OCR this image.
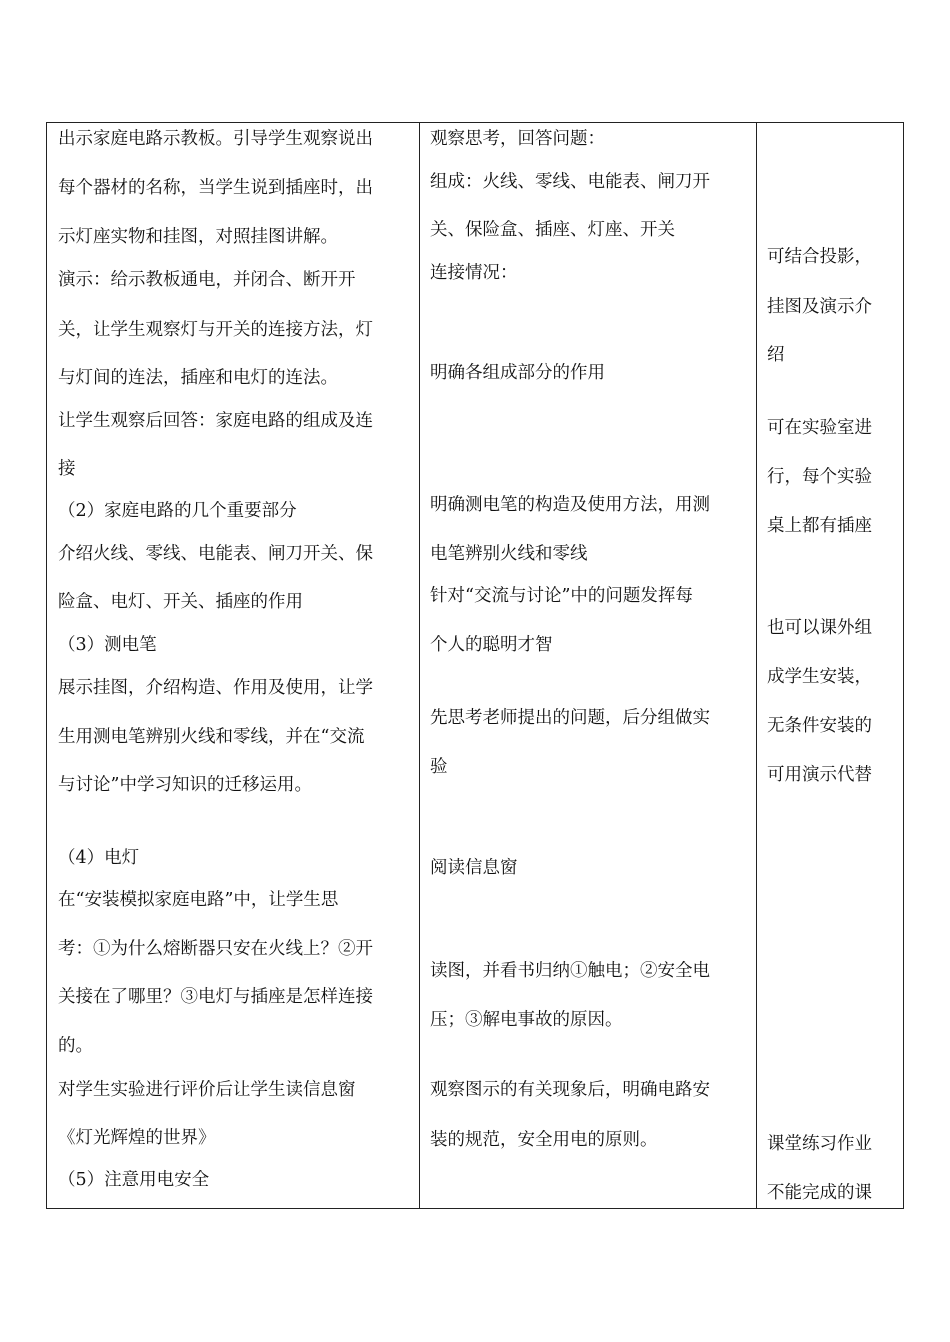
出示家庭电路示教板。引导学生观察说出
每个器材的名称，当学生说到插座时，出
示灯座实物和挂图，对照挂图讲解。
演示：给示教板通电，并闭合、断开开
关，让学生观察灯与开关的连接方法，灯
与灯间的连法，插座和电灯的连法。
让学生观察后回答：家庭电路的组成及连
接
（2）家庭电路的几个重要部分
介绍火线、零线、电能表、闸刀开关、保
险盒、电灯、开关、插座的作用
（3）测电笔
展示挂图，介绍构造、作用及使用，让学
生用测电笔辨别火线和零线，并在“交流
与讨论”中学习知识的迁移运用。
（4）电灯
在“安装模拟家庭电路”中，让学生思
考：①为什么熔断器只安在火线上？②开
关接在了哪里？③电灯与插座是怎样连接
的。
对学生实验进行评价后让学生读信息窗
《灯光辉煌的世界》
（5）注意用电安全
观察思考，回答问题：
组成：火线、零线、电能表、闸刀开
关、保险盒、插座、灯座、开关
连接情况：
明确各组成部分的作用
明确测电笔的构造及使用方法，用测
电笔辨别火线和零线
针对“交流与讨论”中的问题发挥每
个人的聪明才智
先思考老师提出的问题，后分组做实
验
阅读信息窗
读图，并看书归纳①触电；②安全电
压；③解电事故的原因。
观察图示的有关现象后，明确电路安
装的规范，安全用电的原则。
可结合投影，
挂图及演示介
绍
可在实验室进
行，每个实验
桌上都有插座
也可以课外组
成学生安装，
无条件安装的
可用演示代替
课堂练习作业
不能完成的课
